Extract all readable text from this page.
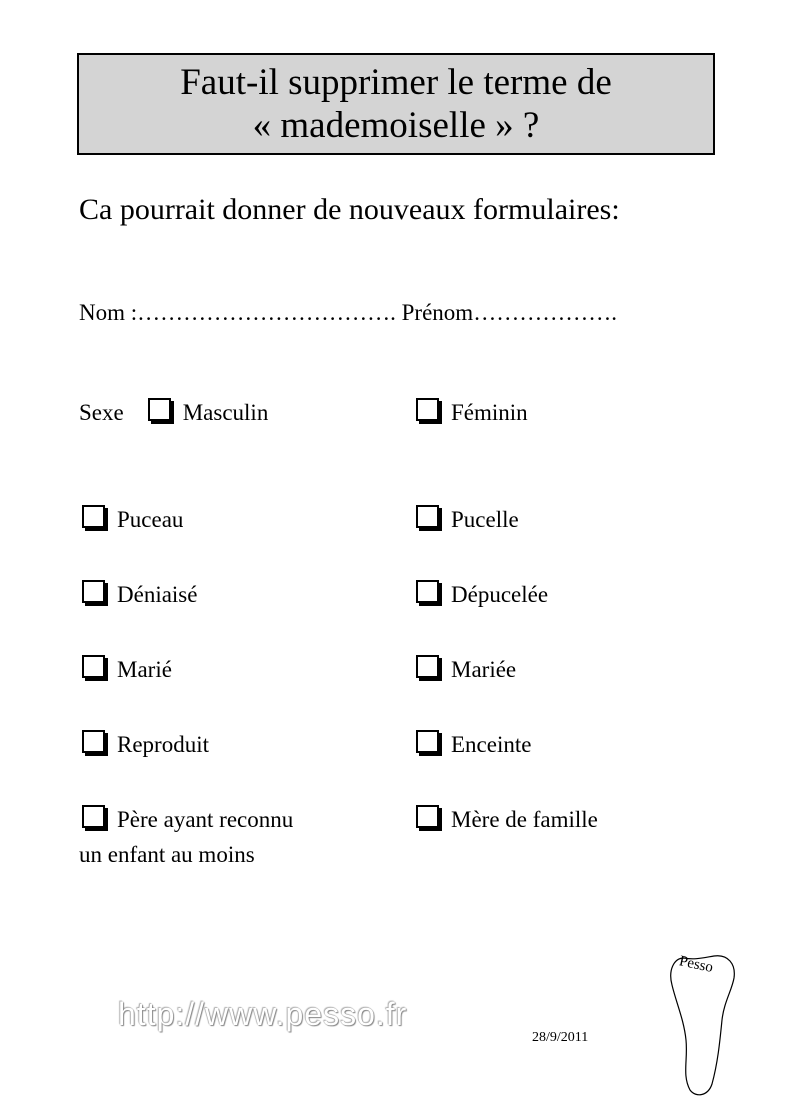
Faut-il supprimer le terme de
« mademoiselle » ?
Ca pourrait donner de nouveaux formulaires:
Nom :……………………………. Prénom……………….
Sexe	Masculin	Féminin
Puceau
Déniaisé
Marié
Reproduit
Père ayant reconnu
un enfant au moins
Pucelle
Dépucelée
Mariée
Enceinte
Mère de famille
http://www.pesso.fr
28/9/2011
Pesso
